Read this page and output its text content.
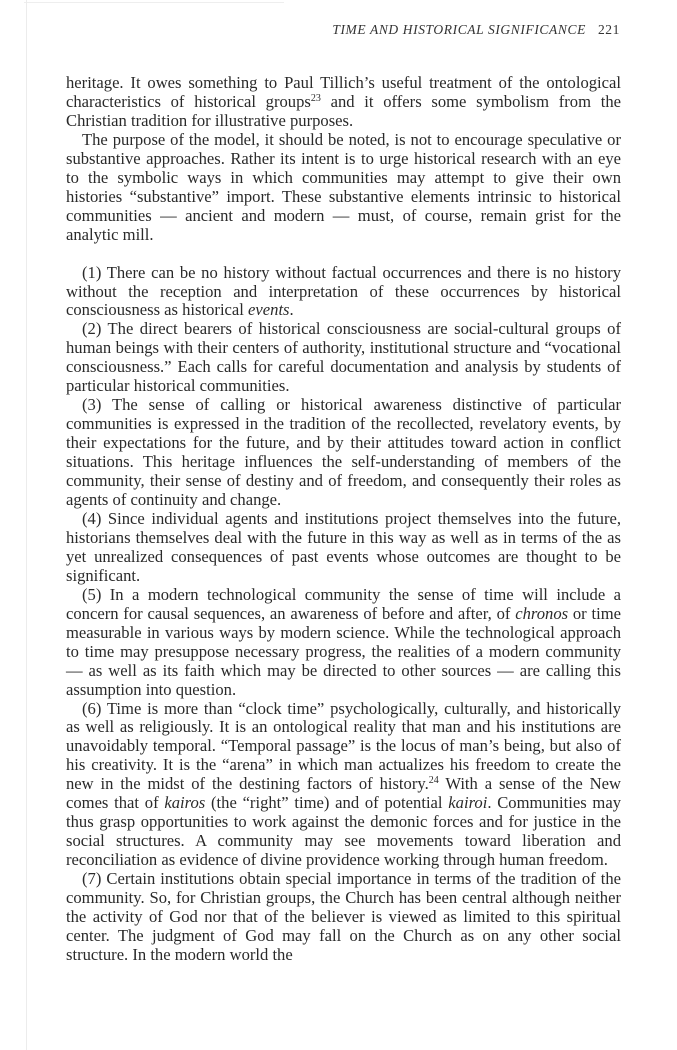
TIME AND HISTORICAL SIGNIFICANCE 221

heritage. It owes something to Paul Tillich’s useful treatment of the ontological characteristics of historical groups$^{23}$ and it offers some symbolism from the Christian tradition for illustrative purposes.

The purpose of the model, it should be noted, is not to encourage speculative or substantive approaches. Rather its intent is to urge historical research with an eye to the symbolic ways in which communities may attempt to give their own histories “substantive” import. These substantive elements intrinsic to historical communities — ancient and modern — must, of course, remain grist for the analytic mill.

(1) There can be no history without factual occurrences and there is no history without the reception and interpretation of these occurrences by historical consciousness as historical events.

(2) The direct bearers of historical consciousness are social-cultural groups of human beings with their centers of authority, institutional structure and “vocational consciousness.” Each calls for careful documentation and analysis by students of particular historical communities.

(3) The sense of calling or historical awareness distinctive of particular communities is expressed in the tradition of the recollected, revelatory events, by their expectations for the future, and by their attitudes toward action in conflict situations. This heritage influences the self-understanding of members of the community, their sense of destiny and of freedom, and consequently their roles as agents of continuity and change.

(4) Since individual agents and institutions project themselves into the future, historians themselves deal with the future in this way as well as in terms of the as yet unrealized consequences of past events whose outcomes are thought to be significant.

(5) In a modern technological community the sense of time will include a concern for causal sequences, an awareness of before and after, of chronos or time measurable in various ways by modern science. While the technological approach to time may presuppose necessary progress, the realities of a modern community — as well as its faith which may be directed to other sources — are calling this assumption into question.

(6) Time is more than “clock time” psychologically, culturally, and historically as well as religiously. It is an ontological reality that man and his institutions are unavoidably temporal. “Temporal passage” is the locus of man’s being, but also of his creativity. It is the “arena” in which man actualizes his freedom to create the new in the midst of the destining factors of history.$^{24}$ With a sense of the New comes that of kairos (the “right” time) and of potential kairoi. Communities may thus grasp opportunities to work against the demonic forces and for justice in the social structures. A community may see movements toward liberation and reconciliation as evidence of divine providence working through human freedom.

(7) Certain institutions obtain special importance in terms of the tradition of the community. So, for Christian groups, the Church has been central although neither the activity of God nor that of the believer is viewed as limited to this spiritual center. The judgment of God may fall on the Church as on any other social structure. In the modern world the
